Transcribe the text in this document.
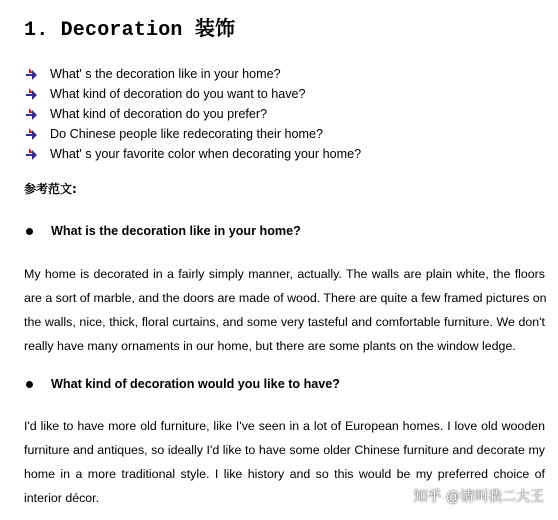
1. Decoration 装饰
What' s the decoration like in your home?
What kind of decoration do you want to have?
What kind of decoration do you prefer?
Do Chinese people like redecorating their home?
What' s your favorite color when decorating your home?
参考范文:
What is the decoration like in your home?

My home is decorated in a fairly simply manner, actually. The walls are plain white, the floors
are a sort of marble, and the doors are made of wood. There are quite a few framed pictures on
the walls, nice, thick, floral curtains, and some very tasteful and comfortable furniture. We don't
really have many ornaments in our home, but there are some plants on the window ledge.

What kind of decoration would you like to have?

I'd like to have more old furniture, like I've seen in a lot of European homes. I love old wooden
furniture and antiques, so ideally I'd like to have some older Chinese furniture and decorate my
home in a more traditional style. I like history and so this would be my preferred choice of
interior décor.	知乎 @请叫我二大王
